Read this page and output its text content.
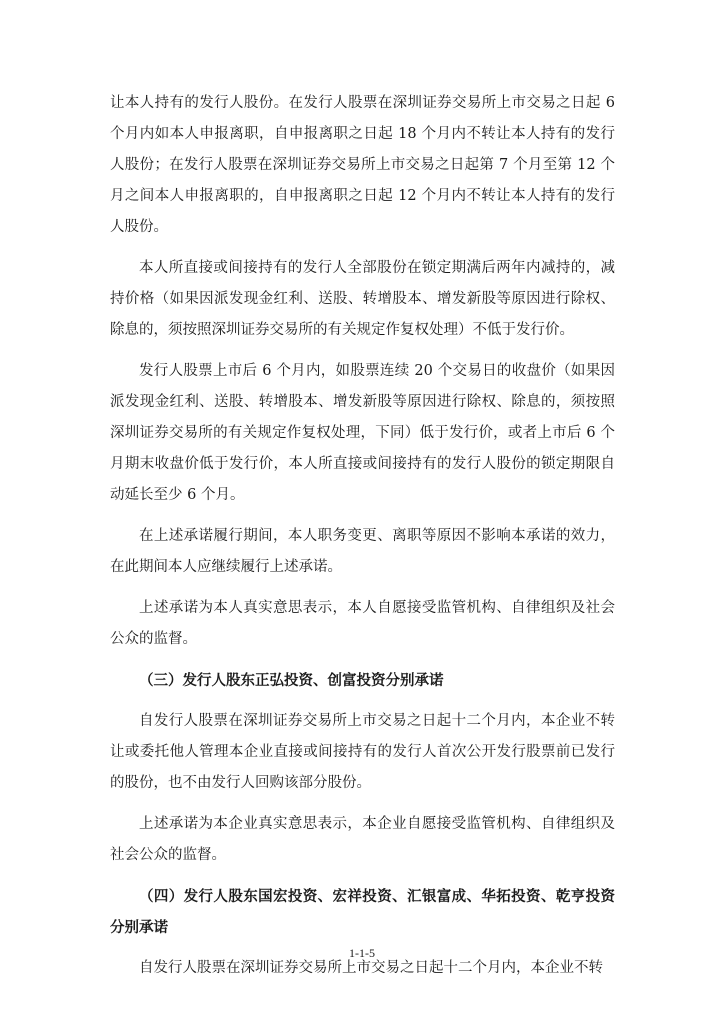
让本人持有的发行人股份。在发行人股票在深圳证券交易所上市交易之日起 6 个月内如本人申报离职，自申报离职之日起 18 个月内不转让本人持有的发行人股份；在发行人股票在深圳证券交易所上市交易之日起第 7 个月至第 12 个月之间本人申报离职的，自申报离职之日起 12 个月内不转让本人持有的发行人股份。

本人所直接或间接持有的发行人全部股份在锁定期满后两年内减持的，减持价格（如果因派发现金红利、送股、转增股本、增发新股等原因进行除权、除息的，须按照深圳证券交易所的有关规定作复权处理）不低于发行价。

发行人股票上市后 6 个月内，如股票连续 20 个交易日的收盘价（如果因派发现金红利、送股、转增股本、增发新股等原因进行除权、除息的，须按照深圳证券交易所的有关规定作复权处理，下同）低于发行价，或者上市后 6 个月期末收盘价低于发行价，本人所直接或间接持有的发行人股份的锁定期限自动延长至少 6 个月。

在上述承诺履行期间，本人职务变更、离职等原因不影响本承诺的效力，在此期间本人应继续履行上述承诺。

上述承诺为本人真实意思表示，本人自愿接受监管机构、自律组织及社会公众的监督。

（三）发行人股东正弘投资、创富投资分别承诺

自发行人股票在深圳证券交易所上市交易之日起十二个月内，本企业不转让或委托他人管理本企业直接或间接持有的发行人首次公开发行股票前已发行的股份，也不由发行人回购该部分股份。

上述承诺为本企业真实意思表示，本企业自愿接受监管机构、自律组织及社会公众的监督。

（四）发行人股东国宏投资、宏祥投资、汇银富成、华拓投资、乾亨投资分别承诺

自发行人股票在深圳证券交易所上市交易之日起十二个月内，本企业不转

1-1-5
